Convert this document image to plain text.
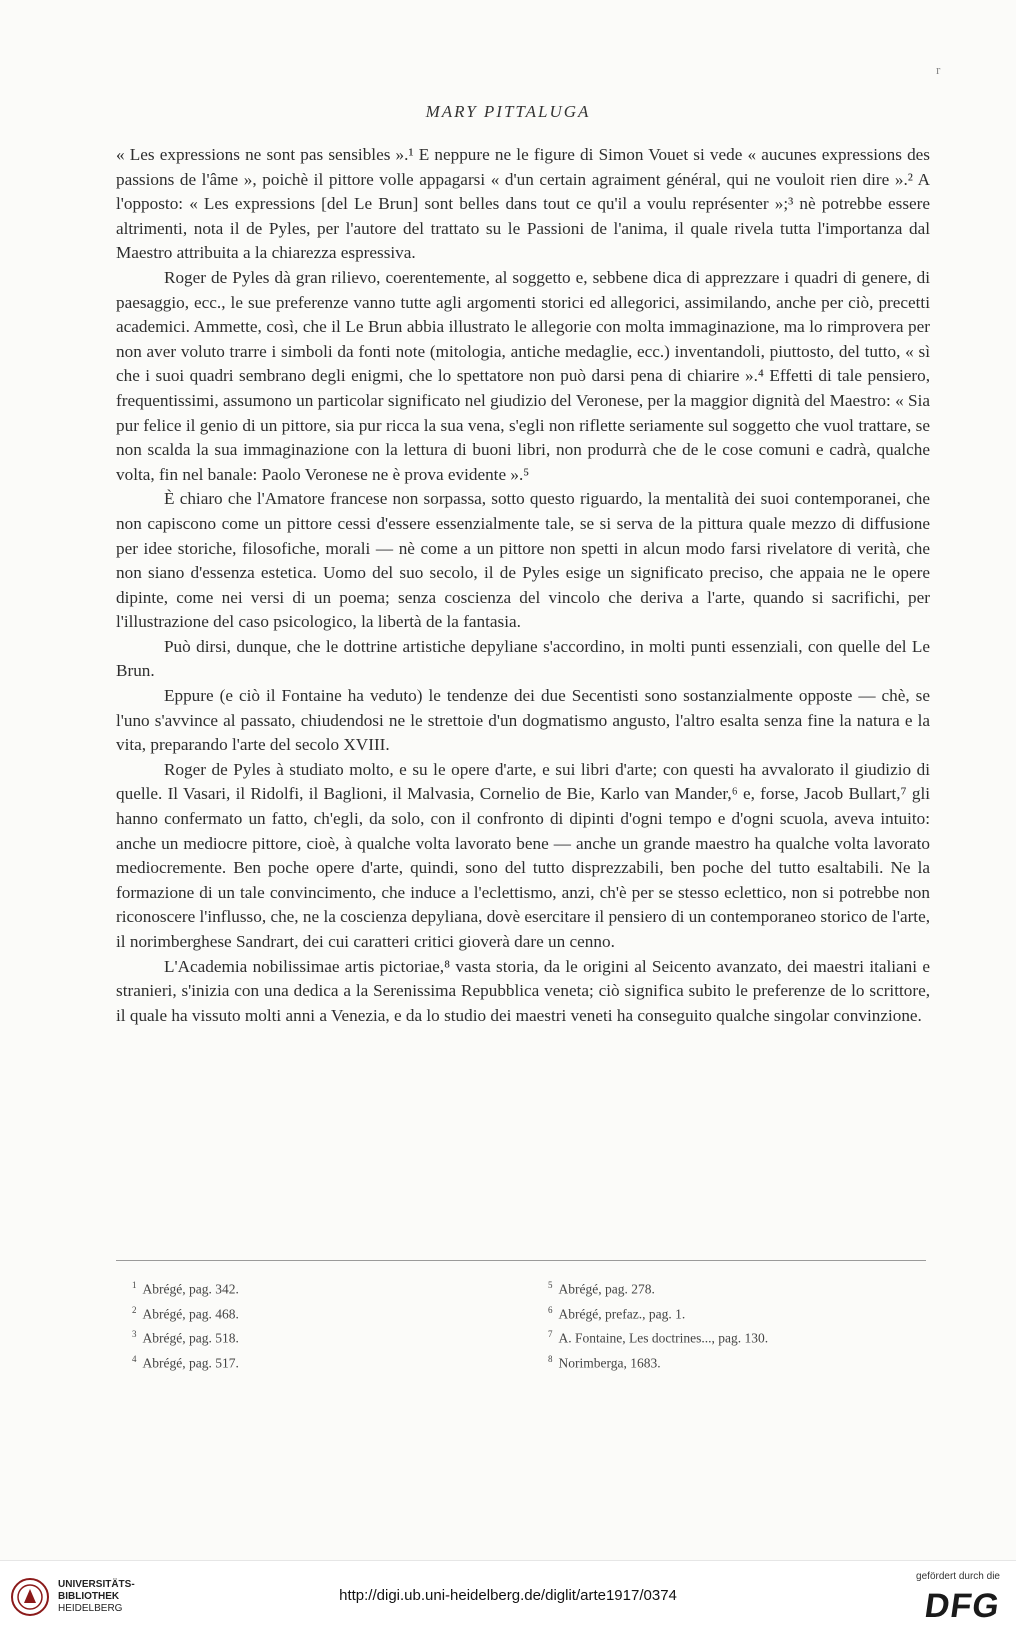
r
MARY PITTALUGA

« Les expressions ne sont pas sensibles ».¹ E neppure ne le figure di Simon Vouet si vede « aucunes expressions des passions de l'âme », poichè il pittore volle appagarsi « d'un certain agraiment général, qui ne vouloit rien dire ».² A l'opposto: « Les expressions [del Le Brun] sont belles dans tout ce qu'il a voulu représenter »;³ nè potrebbe essere altrimenti, nota il de Pyles, per l'autore del trattato su le Passioni de l'anima, il quale rivela tutta l'importanza dal Maestro attribuita a la chiarezza espressiva.

Roger de Pyles dà gran rilievo, coerentemente, al soggetto e, sebbene dica di apprezzare i quadri di genere, di paesaggio, ecc., le sue preferenze vanno tutte agli argomenti storici ed allegorici, assimilando, anche per ciò, precetti academici. Ammette, così, che il Le Brun abbia illustrato le allegorie con molta immaginazione, ma lo rimprovera per non aver voluto trarre i simboli da fonti note (mitologia, antiche medaglie, ecc.) inventandoli, piuttosto, del tutto, « sì che i suoi quadri sembrano degli enigmi, che lo spettatore non può darsi pena di chiarire ».⁴ Effetti di tale pensiero, frequentissimi, assumono un particolar significato nel giudizio del Veronese, per la maggior dignità del Maestro: « Sia pur felice il genio di un pittore, sia pur ricca la sua vena, s'egli non riflette seriamente sul soggetto che vuol trattare, se non scalda la sua immaginazione con la lettura di buoni libri, non produrrà che de le cose comuni e cadrà, qualche volta, fin nel banale: Paolo Veronese ne è prova evidente ».⁵

È chiaro che l'Amatore francese non sorpassa, sotto questo riguardo, la mentalità dei suoi contemporanei, che non capiscono come un pittore cessi d'essere essenzialmente tale, se si serva de la pittura quale mezzo di diffusione per idee storiche, filosofiche, morali — nè come a un pittore non spetti in alcun modo farsi rivelatore di verità, che non siano d'essenza estetica. Uomo del suo secolo, il de Pyles esige un significato preciso, che appaia ne le opere dipinte, come nei versi di un poema; senza coscienza del vincolo che deriva a l'arte, quando si sacrifichi, per l'illustrazione del caso psicologico, la libertà de la fantasia.

Può dirsi, dunque, che le dottrine artistiche depyliane s'accordino, in molti punti essenziali, con quelle del Le Brun.

Eppure (e ciò il Fontaine ha veduto) le tendenze dei due Secentisti sono sostanzialmente opposte — chè, se l'uno s'avvince al passato, chiudendosi ne le strettoie d'un dogmatismo angusto, l'altro esalta senza fine la natura e la vita, preparando l'arte del secolo XVIII.

Roger de Pyles à studiato molto, e su le opere d'arte, e sui libri d'arte; con questi ha avvalorato il giudizio di quelle. Il Vasari, il Ridolfi, il Baglioni, il Malvasia, Cornelio de Bie, Karlo van Mander,⁶ e, forse, Jacob Bullart,⁷ gli hanno confermato un fatto, ch'egli, da solo, con il confronto di dipinti d'ogni tempo e d'ogni scuola, aveva intuito: anche un mediocre pittore, cioè, à qualche volta lavorato bene — anche un grande maestro ha qualche volta lavorato mediocremente. Ben poche opere d'arte, quindi, sono del tutto disprezzabili, ben poche del tutto esaltabili. Ne la formazione di un tale convincimento, che induce a l'eclettismo, anzi, ch'è per se stesso eclettico, non si potrebbe non riconoscere l'influsso, che, ne la coscienza depyliana, dovè esercitare il pensiero di un contemporaneo storico de l'arte, il norimberghese Sandrart, dei cui caratteri critici gioverà dare un cenno.

L'Academia nobilissimae artis pictoriae,⁸ vasta storia, da le origini al Seicento avanzato, dei maestri italiani e stranieri, s'inizia con una dedica a la Serenissima Repubblica veneta; ciò significa subito le preferenze de lo scrittore, il quale ha vissuto molti anni a Venezia, e da lo studio dei maestri veneti ha conseguito qualche singolar convinzione.

$^1$ Abrégé, pag. 342.
$^2$ Abrégé, pag. 468.
$^3$ Abrégé, pag. 518.
$^4$ Abrégé, pag. 517.
$^5$ Abrégé, pag. 278.
$^6$ Abrégé, prefaz., pag. 1.
$^7$ A. Fontaine, Les doctrines..., pag. 130.
$^8$ Norimberga, 1683.
UNIVERSITÄTS-
BIBLIOTHEK
HEIDELBERG
http://digi.ub.uni-heidelberg.de/diglit/arte1917/0374
gefördert durch die
DFG
